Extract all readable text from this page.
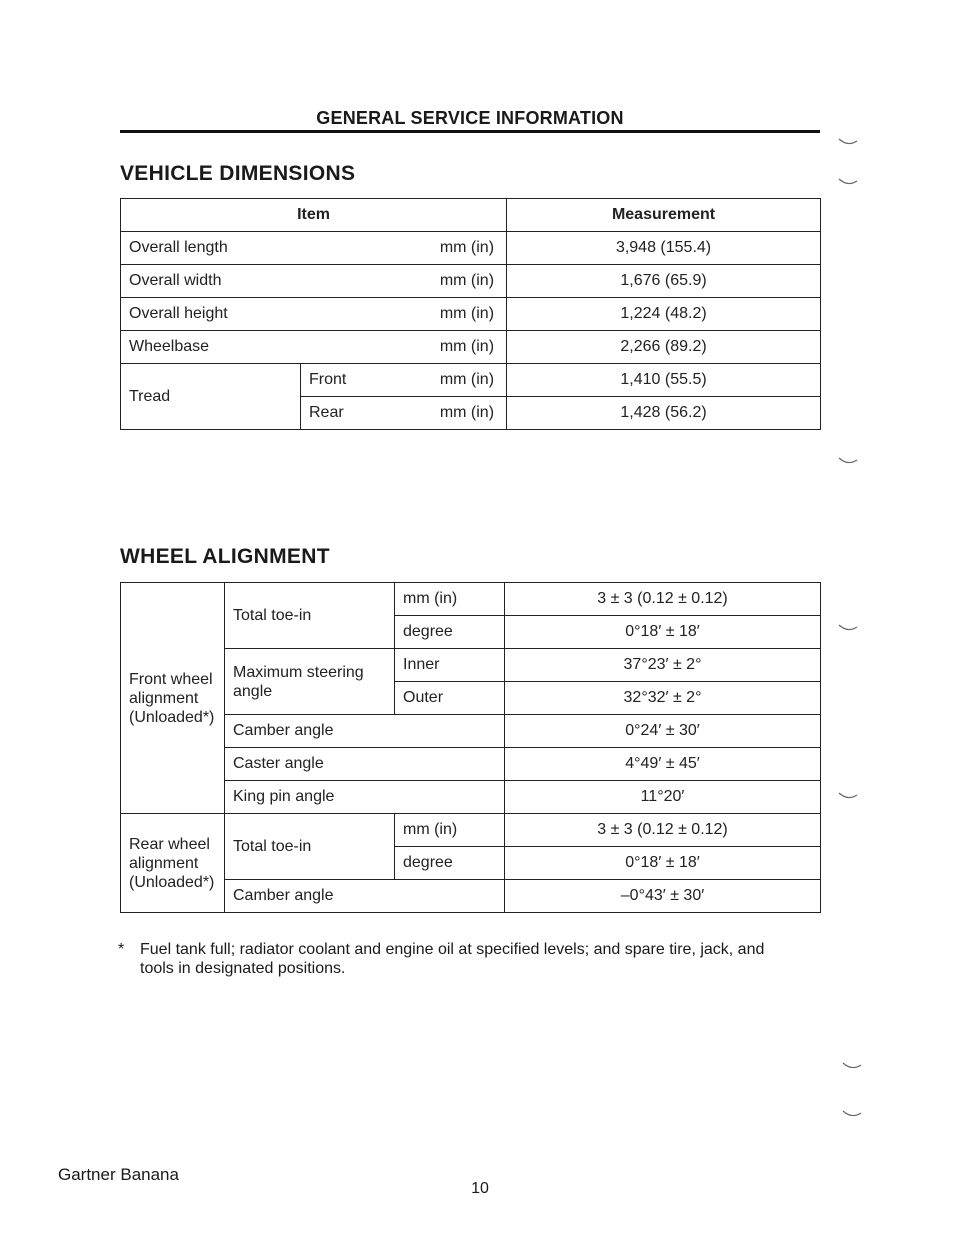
GENERAL SERVICE INFORMATION
VEHICLE DIMENSIONS
Item			Measurement
Overall length		mm (in)	3,948 (155.4)
Overall width		mm (in)	1,676 (65.9)
Overall height		mm (in)	1,224 (48.2)
Wheelbase		mm (in)	2,266 (89.2)
Tread	Front	mm (in)	1,410 (55.5)
	Rear	mm (in)	1,428 (56.2)
WHEEL ALIGNMENT
Front wheel
alignment
(Unloaded*)	Total toe-in	mm (in)	3 ± 3 (0.12 ± 0.12)
		degree	0°18′ ± 18′

	Maximum steering
angle	Inner	37°23′ ± 2°
		Outer	32°32′ ± 2°
	Camber angle		0°24′ ± 30′
	Caster angle		4°49′ ± 45′
	King pin angle		11°20′

Rear wheel
alignment
(Unloaded*)	Total toe-in	mm (in)	3 ± 3 (0.12 ± 0.12)
		degree	0°18′ ± 18′
	Camber angle		–0°43′ ± 30′
* Fuel tank full; radiator coolant and engine oil at specified levels; and spare tire, jack, and tools in designated positions.
Gartner Banana
10
